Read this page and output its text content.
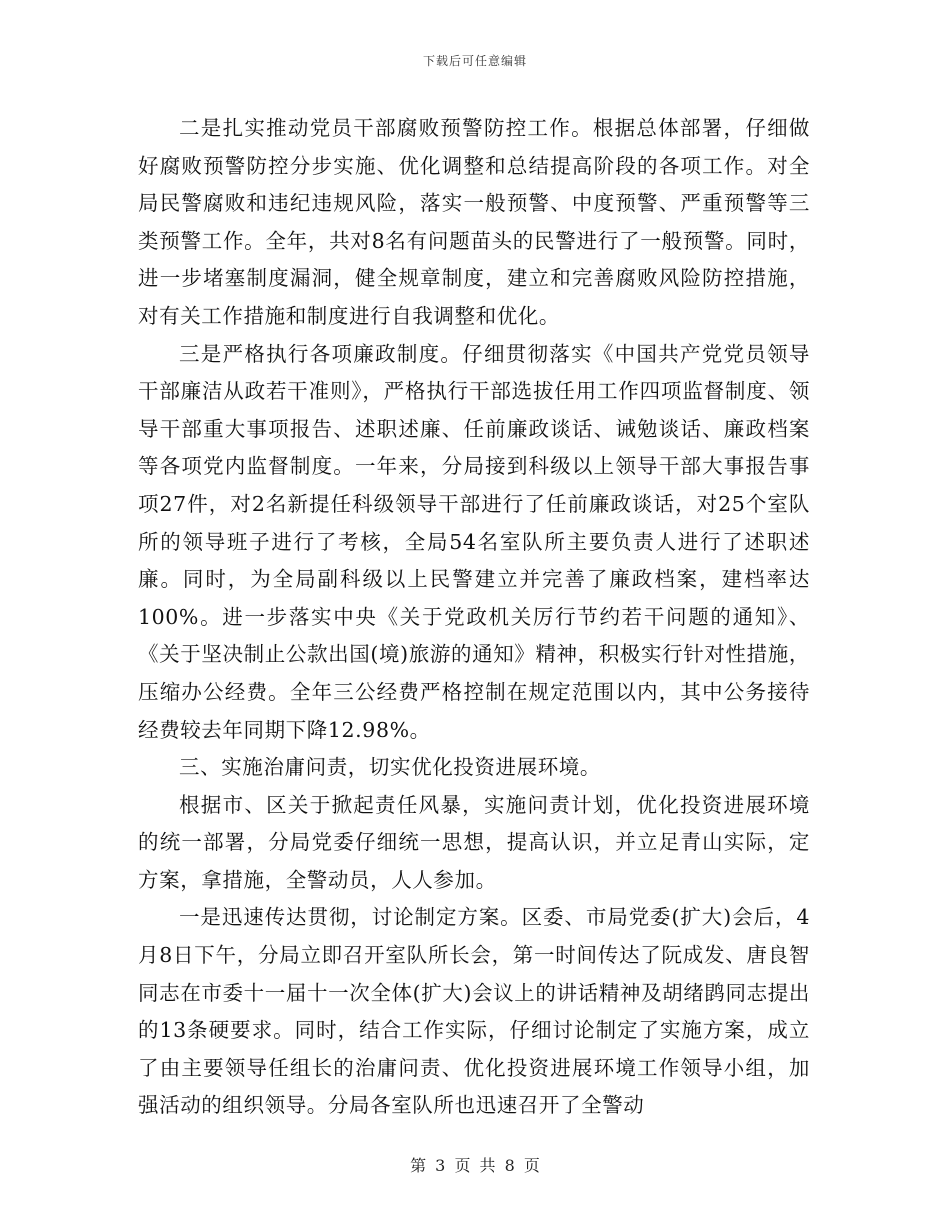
下载后可任意编辑

二是扎实推动党员干部腐败预警防控工作。根据总体部署，仔细做好腐败预警防控分步实施、优化调整和总结提高阶段的各项工作。对全局民警腐败和违纪违规风险，落实一般预警、中度预警、严重预警等三类预警工作。全年，共对8名有问题苗头的民警进行了一般预警。同时，进一步堵塞制度漏洞，健全规章制度，建立和完善腐败风险防控措施，对有关工作措施和制度进行自我调整和优化。

三是严格执行各项廉政制度。仔细贯彻落实《中国共产党党员领导干部廉洁从政若干准则》，严格执行干部选拔任用工作四项监督制度、领导干部重大事项报告、述职述廉、任前廉政谈话、诫勉谈话、廉政档案等各项党内监督制度。一年来，分局接到科级以上领导干部大事报告事项27件，对2名新提任科级领导干部进行了任前廉政谈话，对25个室队所的领导班子进行了考核，全局54名室队所主要负责人进行了述职述廉。同时，为全局副科级以上民警建立并完善了廉政档案，建档率达100%。进一步落实中央《关于党政机关厉行节约若干问题的通知》、《关于坚决制止公款出国(境)旅游的通知》精神，积极实行针对性措施，压缩办公经费。全年三公经费严格控制在规定范围以内，其中公务接待经费较去年同期下降12.98%。

三、实施治庸问责，切实优化投资进展环境。

根据市、区关于掀起责任风暴，实施问责计划，优化投资进展环境的统一部署，分局党委仔细统一思想，提高认识，并立足青山实际，定方案，拿措施，全警动员，人人参加。

一是迅速传达贯彻，讨论制定方案。区委、市局党委(扩大)会后，4月8日下午，分局立即召开室队所长会，第一时间传达了阮成发、唐良智同志在市委十一届十一次全体(扩大)会议上的讲话精神及胡绪鹍同志提出的13条硬要求。同时，结合工作实际，仔细讨论制定了实施方案，成立了由主要领导任组长的治庸问责、优化投资进展环境工作领导小组，加强活动的组织领导。分局各室队所也迅速召开了全警动

第 3 页 共 8 页
